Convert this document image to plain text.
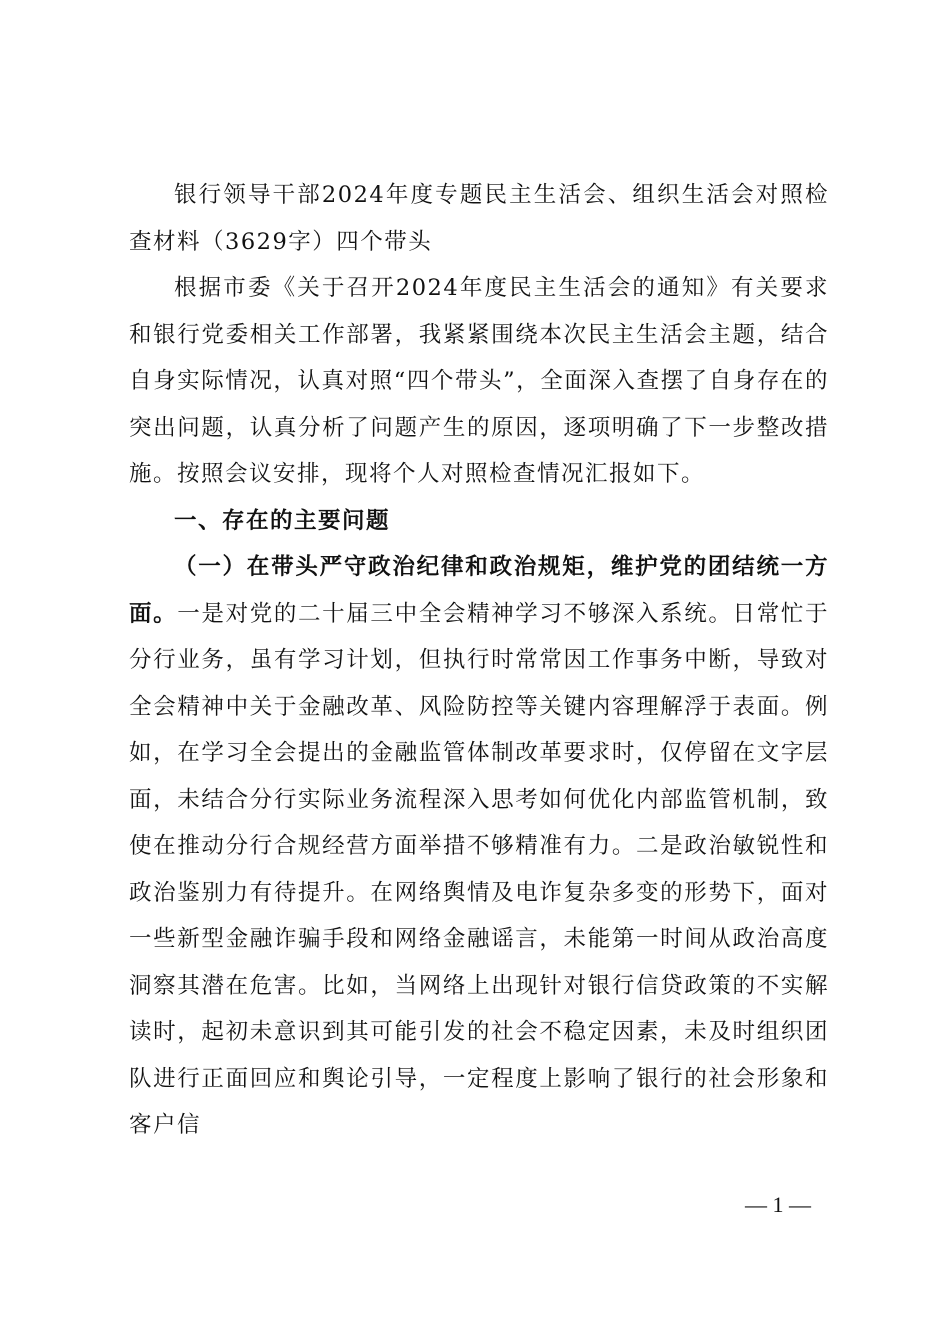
银行领导干部2024年度专题民主生活会、组织生活会对照检查材料（3629字）四个带头

根据市委《关于召开2024年度民主生活会的通知》有关要求和银行党委相关工作部署，我紧紧围绕本次民主生活会主题，结合自身实际情况，认真对照“四个带头”，全面深入查摆了自身存在的突出问题，认真分析了问题产生的原因，逐项明确了下一步整改措施。按照会议安排，现将个人对照检查情况汇报如下。

一、存在的主要问题

（一）在带头严守政治纪律和政治规矩，维护党的团结统一方面。一是对党的二十届三中全会精神学习不够深入系统。日常忙于分行业务，虽有学习计划，但执行时常常因工作事务中断，导致对全会精神中关于金融改革、风险防控等关键内容理解浮于表面。例如，在学习全会提出的金融监管体制改革要求时，仅停留在文字层面，未结合分行实际业务流程深入思考如何优化内部监管机制，致使在推动分行合规经营方面举措不够精准有力。二是政治敏锐性和政治鉴别力有待提升。在网络舆情及电诈复杂多变的形势下，面对一些新型金融诈骗手段和网络金融谣言，未能第一时间从政治高度洞察其潜在危害。比如，当网络上出现针对银行信贷政策的不实解读时，起初未意识到其可能引发的社会不稳定因素，未及时组织团队进行正面回应和舆论引导，一定程度上影响了银行的社会形象和客户信

— 1 —
